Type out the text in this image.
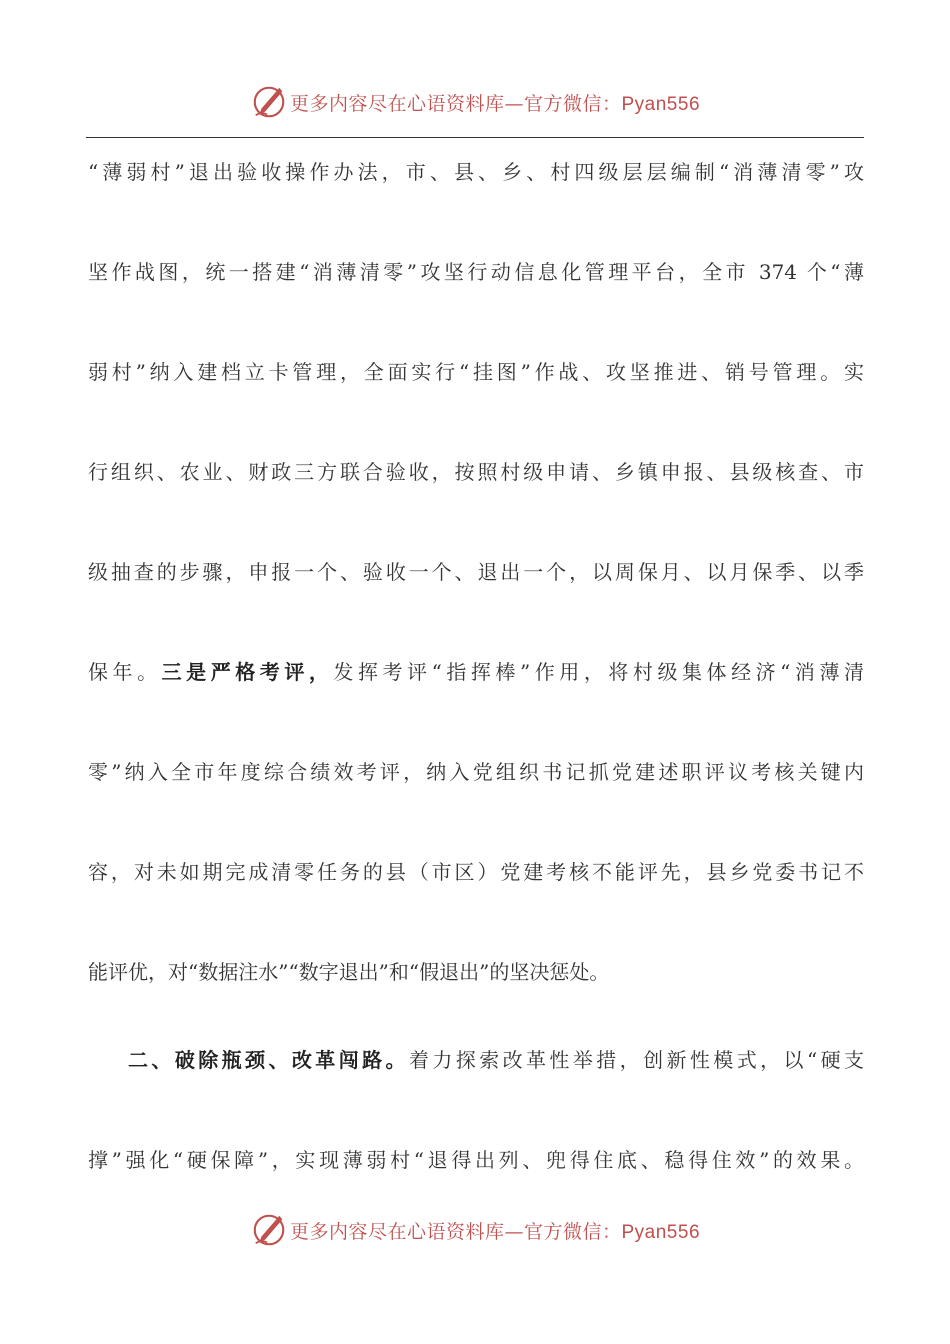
更多内容尽在心语资料库—官方微信：Pyan556
“薄弱村”退出验收操作办法，市、县、乡、村四级层层编制“消薄清零”攻
坚作战图，统一搭建“消薄清零”攻坚行动信息化管理平台，全市 374 个“薄
弱村”纳入建档立卡管理，全面实行“挂图”作战、攻坚推进、销号管理。实
行组织、农业、财政三方联合验收，按照村级申请、乡镇申报、县级核查、市
级抽查的步骤，申报一个、验收一个、退出一个，以周保月、以月保季、以季
保年。三是严格考评，发挥考评“指挥棒”作用，将村级集体经济“消薄清
零”纳入全市年度综合绩效考评，纳入党组织书记抓党建述职评议考核关键内
容，对未如期完成清零任务的县（市区）党建考核不能评先，县乡党委书记不
能评优，对“数据注水”“数字退出”和“假退出”的坚决惩处。
二、破除瓶颈、改革闯路。着力探索改革性举措，创新性模式，以“硬支
撑”强化“硬保障”，实现薄弱村“退得出列、兜得住底、稳得住效”的效果。
更多内容尽在心语资料库—官方微信：Pyan556
